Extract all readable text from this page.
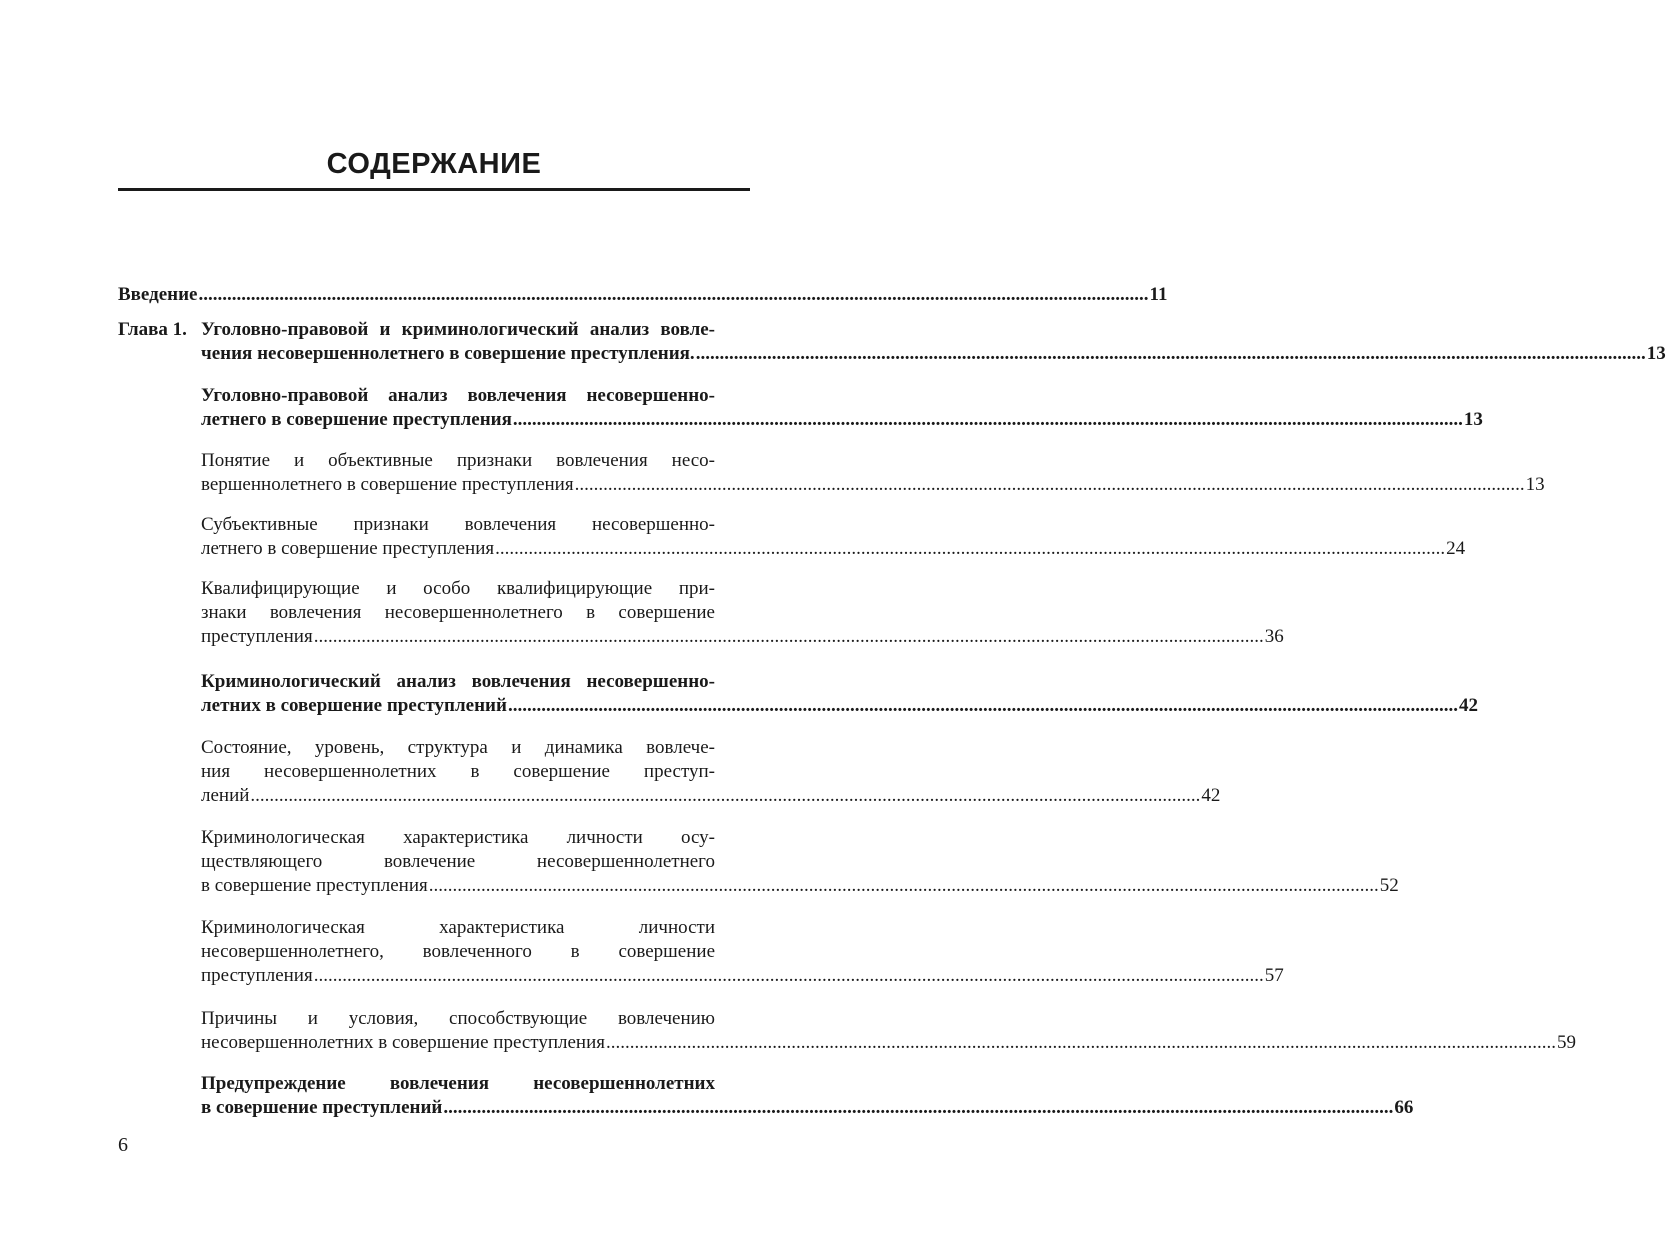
СОДЕРЖАНИЕ
Введение ........................................................................................................................................................................................................ 11
Глава 1. Уголовно-правовой и криминологический анализ вовле-
чения несовершеннолетнего в совершение преступления. ........................................................................................................................................................................................................ 13
Уголовно-правовой анализ вовлечения несовершенно-
летнего в совершение преступления ........................................................................................................................................................................................................ 13
Понятие и объективные признаки вовлечения несо-
вершеннолетнего в совершение преступления ........................................................................................................................................................................................................ 13
Субъективные признаки вовлечения несовершенно-
летнего в совершение преступления ........................................................................................................................................................................................................ 24
Квалифицирующие и особо квалифицирующие при-
знаки вовлечения несовершеннолетнего в совершение
преступления ........................................................................................................................................................................................................ 36
Криминологический анализ вовлечения несовершенно-
летних в совершение преступлений ........................................................................................................................................................................................................ 42
Состояние, уровень, структура и динамика вовлече-
ния несовершеннолетних в совершение преступ-
лений ........................................................................................................................................................................................................ 42
Криминологическая характеристика личности осу-
ществляющего вовлечение несовершеннолетнего
в совершение преступления ........................................................................................................................................................................................................ 52
Криминологическая характеристика личности
несовершеннолетнего, вовлеченного в совершение
преступления ........................................................................................................................................................................................................ 57
Причины и условия, способствующие вовлечению
несовершеннолетних в совершение преступления ........................................................................................................................................................................................................ 59
Предупреждение вовлечения несовершеннолетних
в совершение преступлений ........................................................................................................................................................................................................ 66
6
